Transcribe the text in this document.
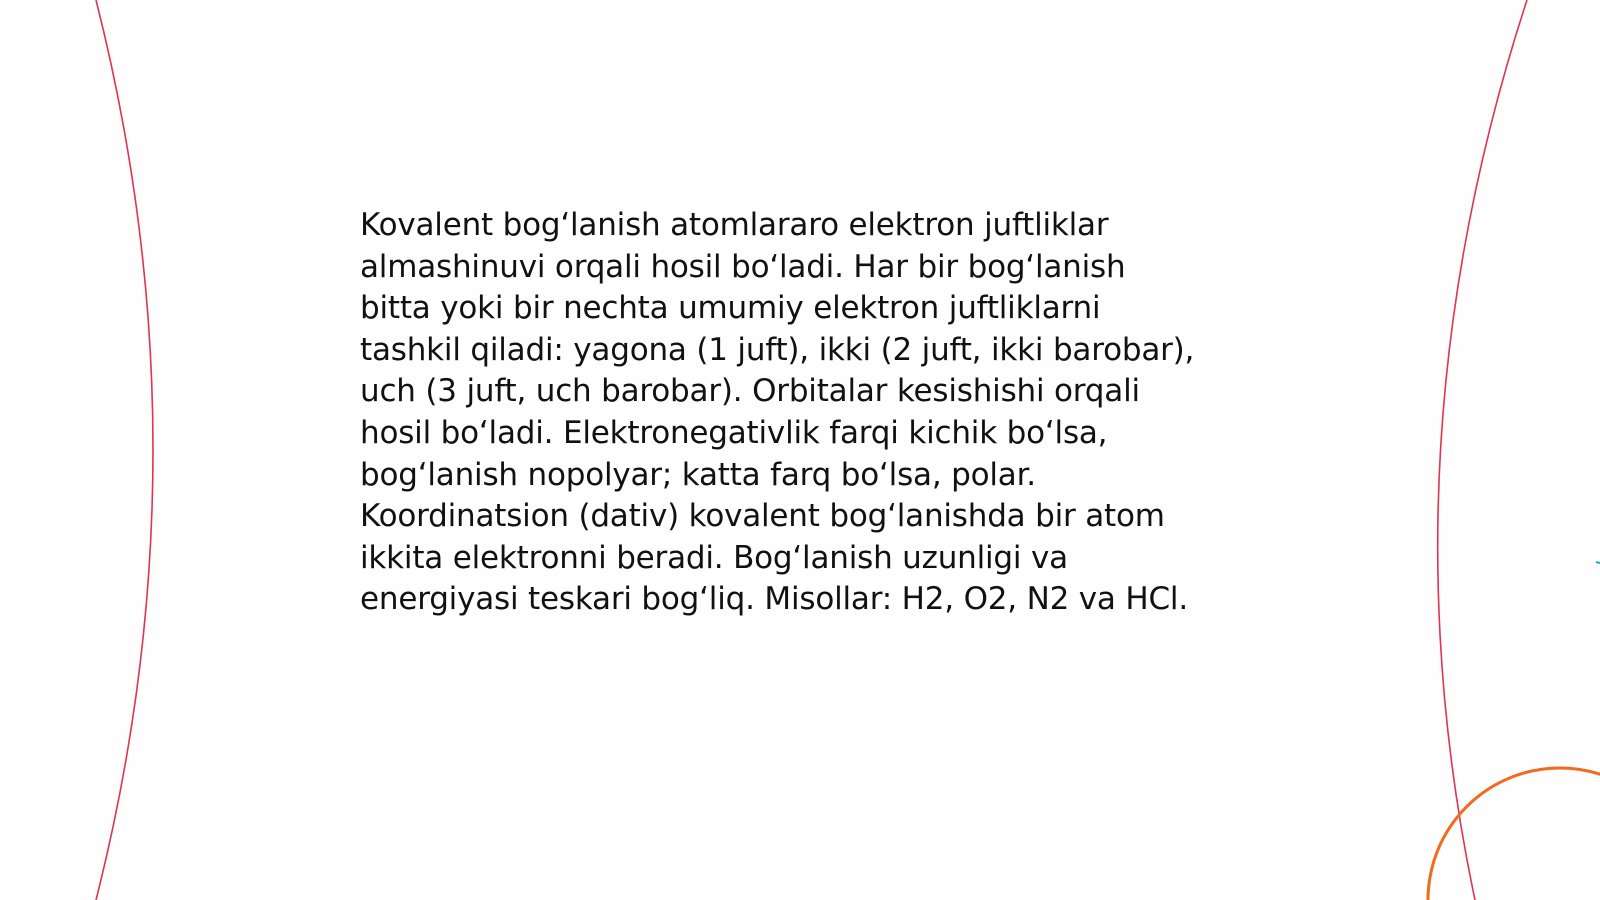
Kovalent bogʻlanish atomlararo elektron juftliklar
almashinuvi orqali hosil boʻladi. Har bir bogʻlanish
bitta yoki bir nechta umumiy elektron juftliklarni
tashkil qiladi: yagona (1 juft), ikki (2 juft, ikki barobar),
uch (3 juft, uch barobar). Orbitalar kesishishi orqali
hosil boʻladi. Elektronegativlik farqi kichik boʻlsa,
bogʻlanish nopolyar; katta farq boʻlsa, polar.
Koordinatsion (dativ) kovalent bogʻlanishda bir atom
ikkita elektronni beradi. Bogʻlanish uzunligi va
energiyasi teskari bogʻliq. Misollar: H2, O2, N2 va HCl.
